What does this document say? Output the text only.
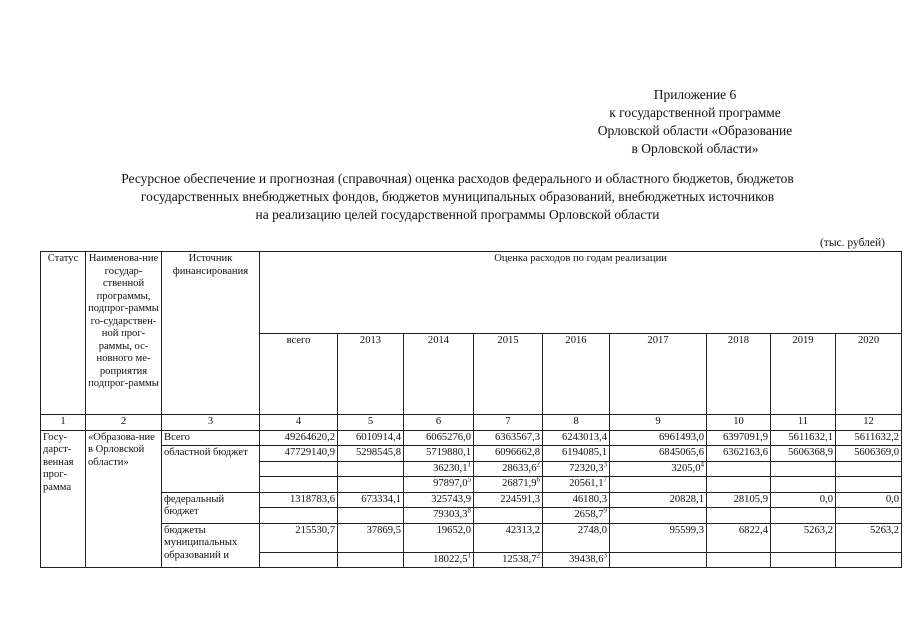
Приложение 6
к государственной программе
Орловской области «Образование
в Орловской области»
Ресурсное обеспечение и прогнозная (справочная) оценка расходов федерального и областного бюджетов, бюджетов
государственных внебюджетных фондов, бюджетов муниципальных образований, внебюджетных источников
на реализацию целей государственной программы Орловской области
(тыс. рублей)
Статус	Наименова-ние государ-ственной программы, подпрог-раммы го-сударствен-ной прог-раммы, ос-новного ме-роприятия подпрог-раммы	Источник финансирования	Оценка расходов по годам реализации								
			всего	2013	2014	2015	2016	2017	2018	2019	2020
1	2	3	4	5	6	7	8	9	10	11	12
Госу-дарст-венная прог-рамма	«Образова-ние в Орловской области»	Всего	49264620,2	6010914,4	6065276,0	6363567,3	6243013,4	6961493,0	6397091,9	5611632,1	5611632,2
		областной бюджет	47729140,9	5298545,8	5719880,1	6096662,8	6194085,1	6845065,6	6362163,6	5606368,9	5606369,0
					36230,1$^1$	28633,6$^2$	72320,3$^3$	3205,0$^4$			
					97897,0$^5$	26871,9$^6$	20561,1$^7$				
		федеральный бюджет	1318783,6	673334,1	325743,9	224591,3	46180,3	20828,1	28105,9	0,0	0,0
					79303,3$^8$		2658,7$^9$				
		бюджеты муниципальных образований и	215530,7	37869,5	19652,0	42313,2	2748,0	95599,3	6822,4	5263,2	5263,2
					18022,5$^1$	12538,7$^2$	39438,6$^3$				
